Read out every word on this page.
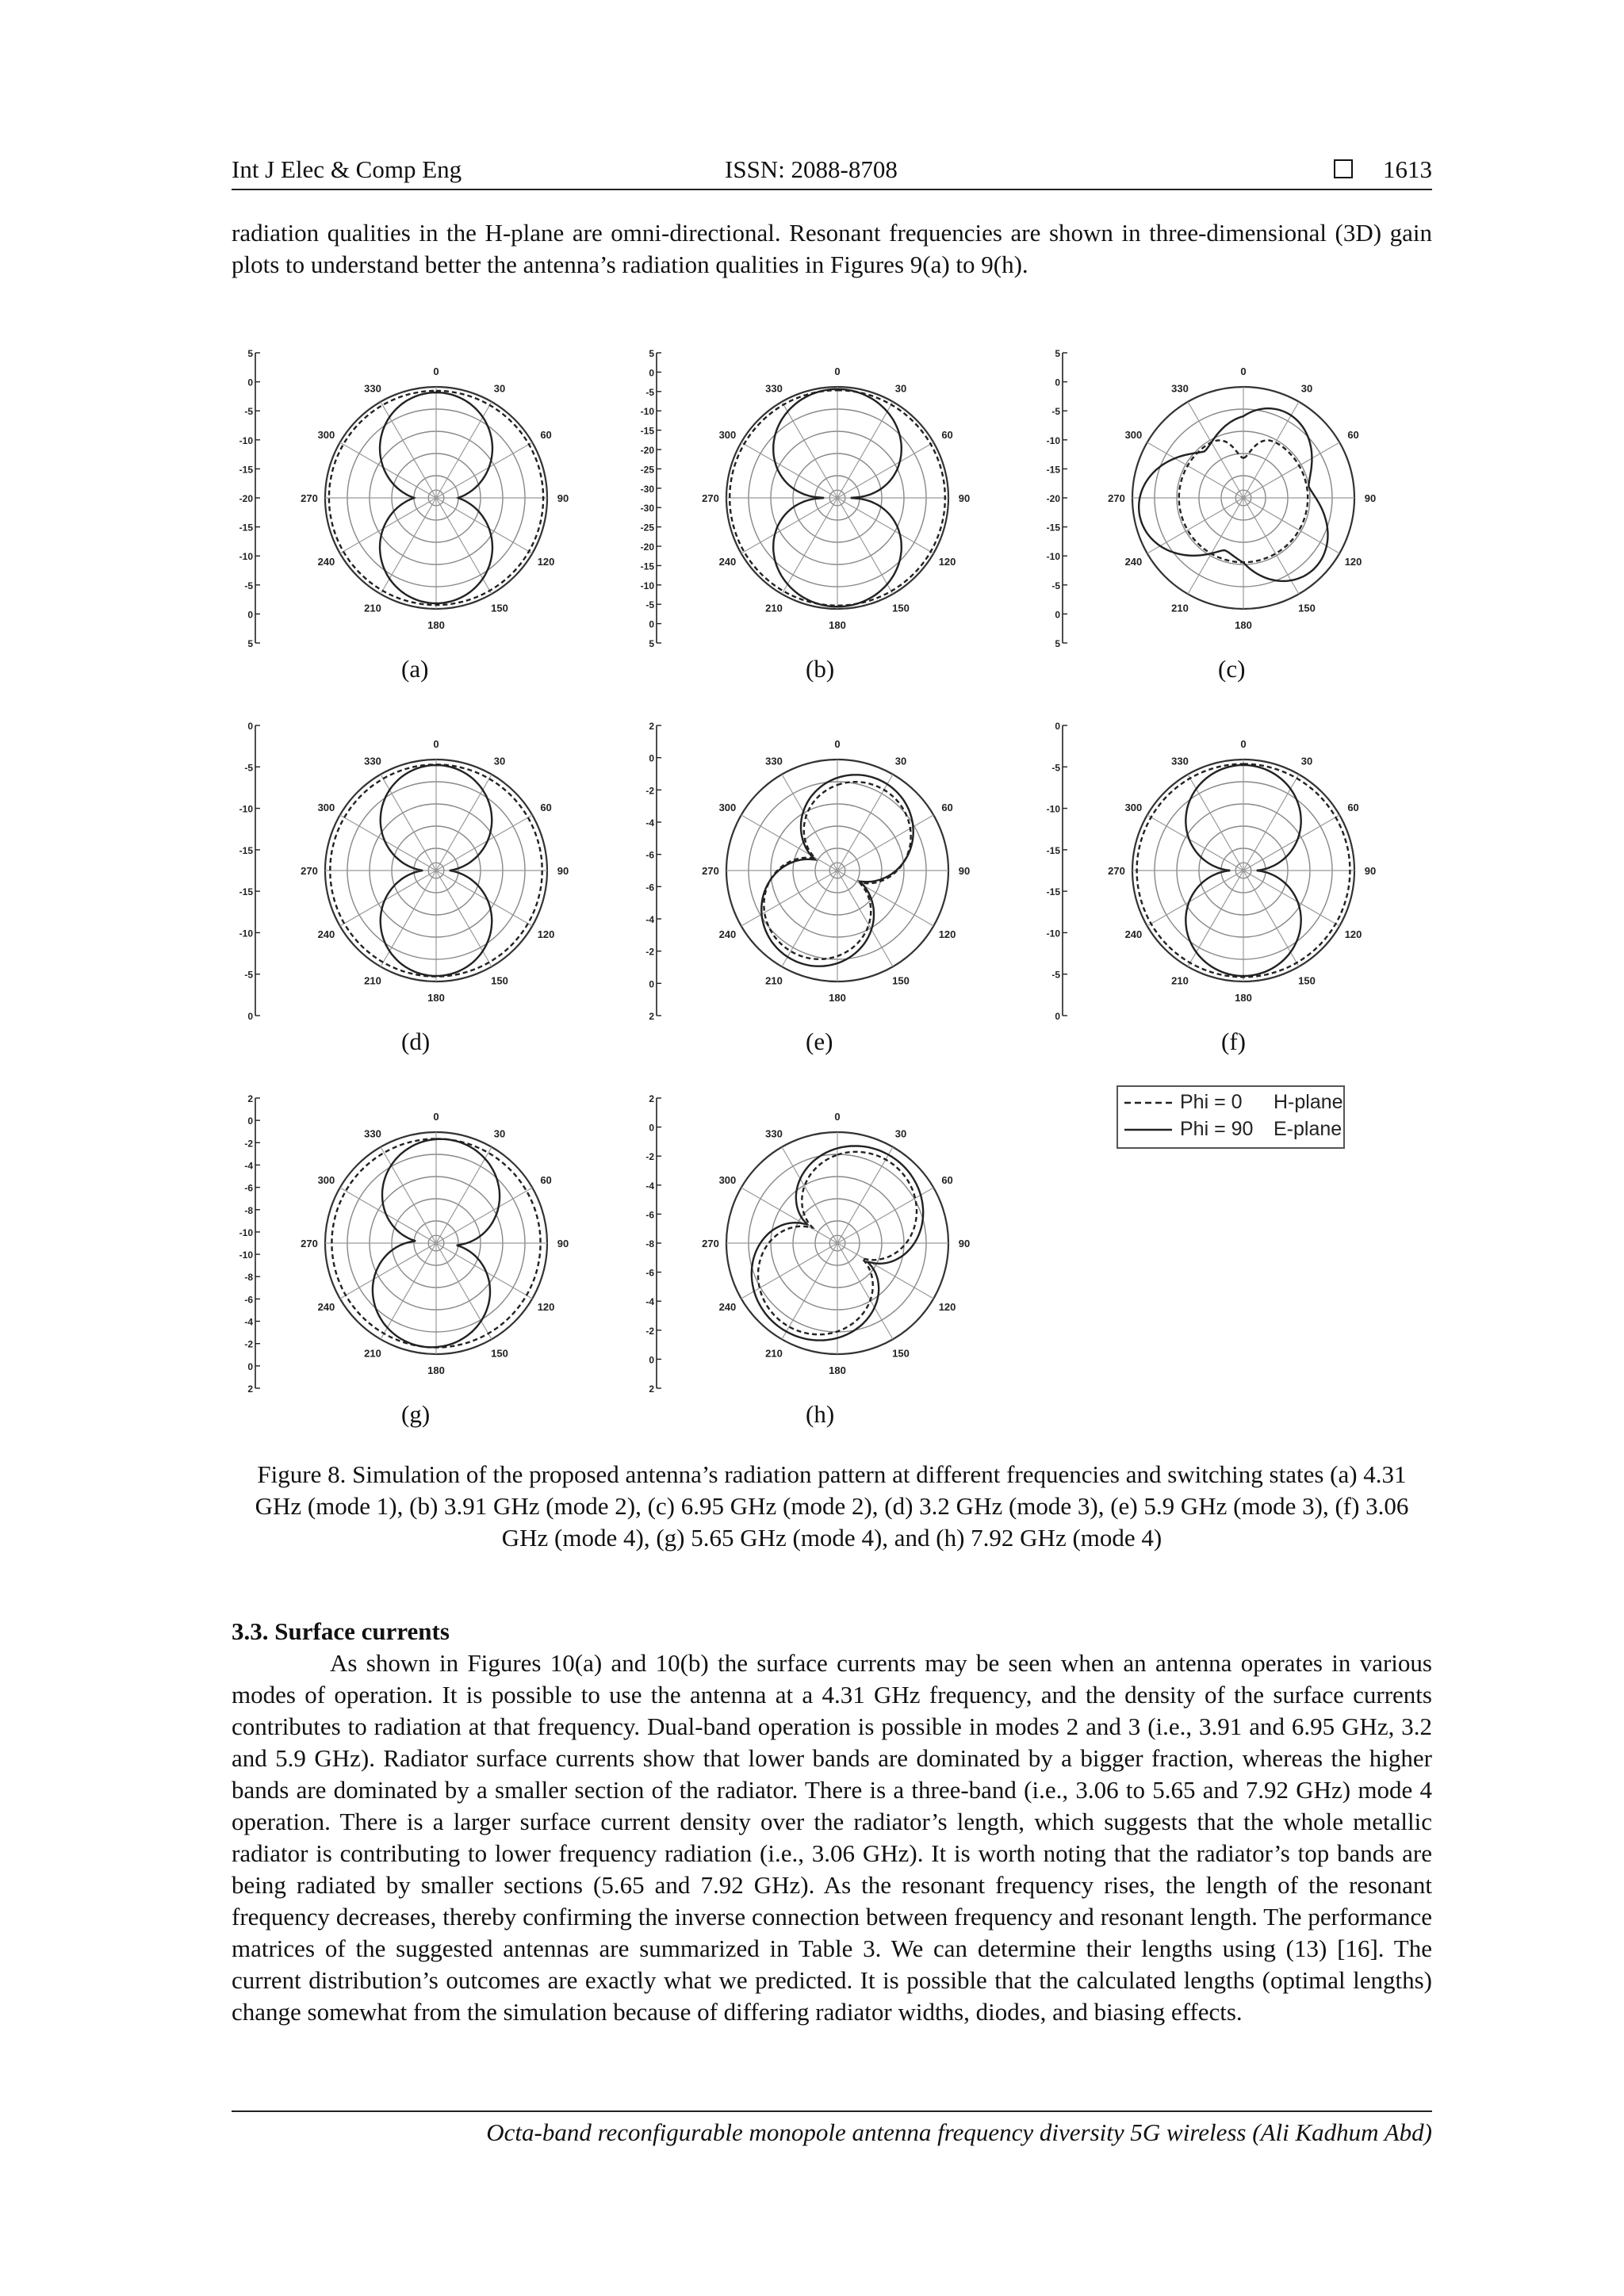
Int J Elec & Comp Eng	ISSN: 2088-8708	1613
radiation qualities in the H-plane are omni-directional. Resonant frequencies are shown in three-dimensional (3D) gain plots to understand better the antenna’s radiation qualities in Figures 9(a) to 9(h).
0
30
60
90
120
150
180
210
240
270
300
330
5
0
-5
-10
-15
-20
-15
-10
-5
0
5
0
30
60
90
120
150
180
210
240
270
300
330
5
0
-5
-10
-15
-20
-25
-30
-30
-25
-20
-15
-10
-5
0
5
0
30
60
90
120
150
180
210
240
270
300
330
5
0
-5
-10
-15
-20
-15
-10
-5
0
5
0
30
60
90
120
150
180
210
240
270
300
330
0
-5
-10
-15
-15
-10
-5
0
0
30
60
90
120
150
180
210
240
270
300
330
2
0
-2
-4
-6
-6
-4
-2
0
2
0
30
60
90
120
150
180
210
240
270
300
330
0
-5
-10
-15
-15
-10
-5
0
0
30
60
90
120
150
180
210
240
270
300
330
2
0
-2
-4
-6
-8
-10
-10
-8
-6
-4
-2
0
2
0
30
60
90
120
150
180
210
240
270
300
330
2
0
-2
-4
-6
-8
-6
-4
-2
0
2
(a)	(b)	(c)
(d)	(e)	(f)
(g)	(h)
Phi = 0 H-plane
Phi = 90 E-plane
Figure 8. Simulation of the proposed antenna’s radiation pattern at different frequencies and switching states (a) 4.31 GHz (mode 1), (b) 3.91 GHz (mode 2), (c) 6.95 GHz (mode 2), (d) 3.2 GHz (mode 3), (e) 5.9 GHz (mode 3), (f) 3.06 GHz (mode 4), (g) 5.65 GHz (mode 4), and (h) 7.92 GHz (mode 4)
3.3. Surface currents

As shown in Figures 10(a) and 10(b) the surface currents may be seen when an antenna operates in various modes of operation. It is possible to use the antenna at a 4.31 GHz frequency, and the density of the surface currents contributes to radiation at that frequency. Dual-band operation is possible in modes 2 and 3 (i.e., 3.91 and 6.95 GHz, 3.2 and 5.9 GHz). Radiator surface currents show that lower bands are dominated by a bigger fraction, whereas the higher bands are dominated by a smaller section of the radiator. There is a three-band (i.e., 3.06 to 5.65 and 7.92 GHz) mode 4 operation. There is a larger surface current density over the radiator’s length, which suggests that the whole metallic radiator is contributing to lower frequency radiation (i.e., 3.06 GHz). It is worth noting that the radiator’s top bands are being radiated by smaller sections (5.65 and 7.92 GHz). As the resonant frequency rises, the length of the resonant frequency decreases, thereby confirming the inverse connection between frequency and resonant length. The performance matrices of the suggested antennas are summarized in Table 3. We can determine their lengths using (13) [16]. The current distribution’s outcomes are exactly what we predicted. It is possible that the calculated lengths (optimal lengths) change somewhat from the simulation because of differing radiator widths, diodes, and biasing effects.

Octa-band reconfigurable monopole antenna frequency diversity 5G wireless (Ali Kadhum Abd)
